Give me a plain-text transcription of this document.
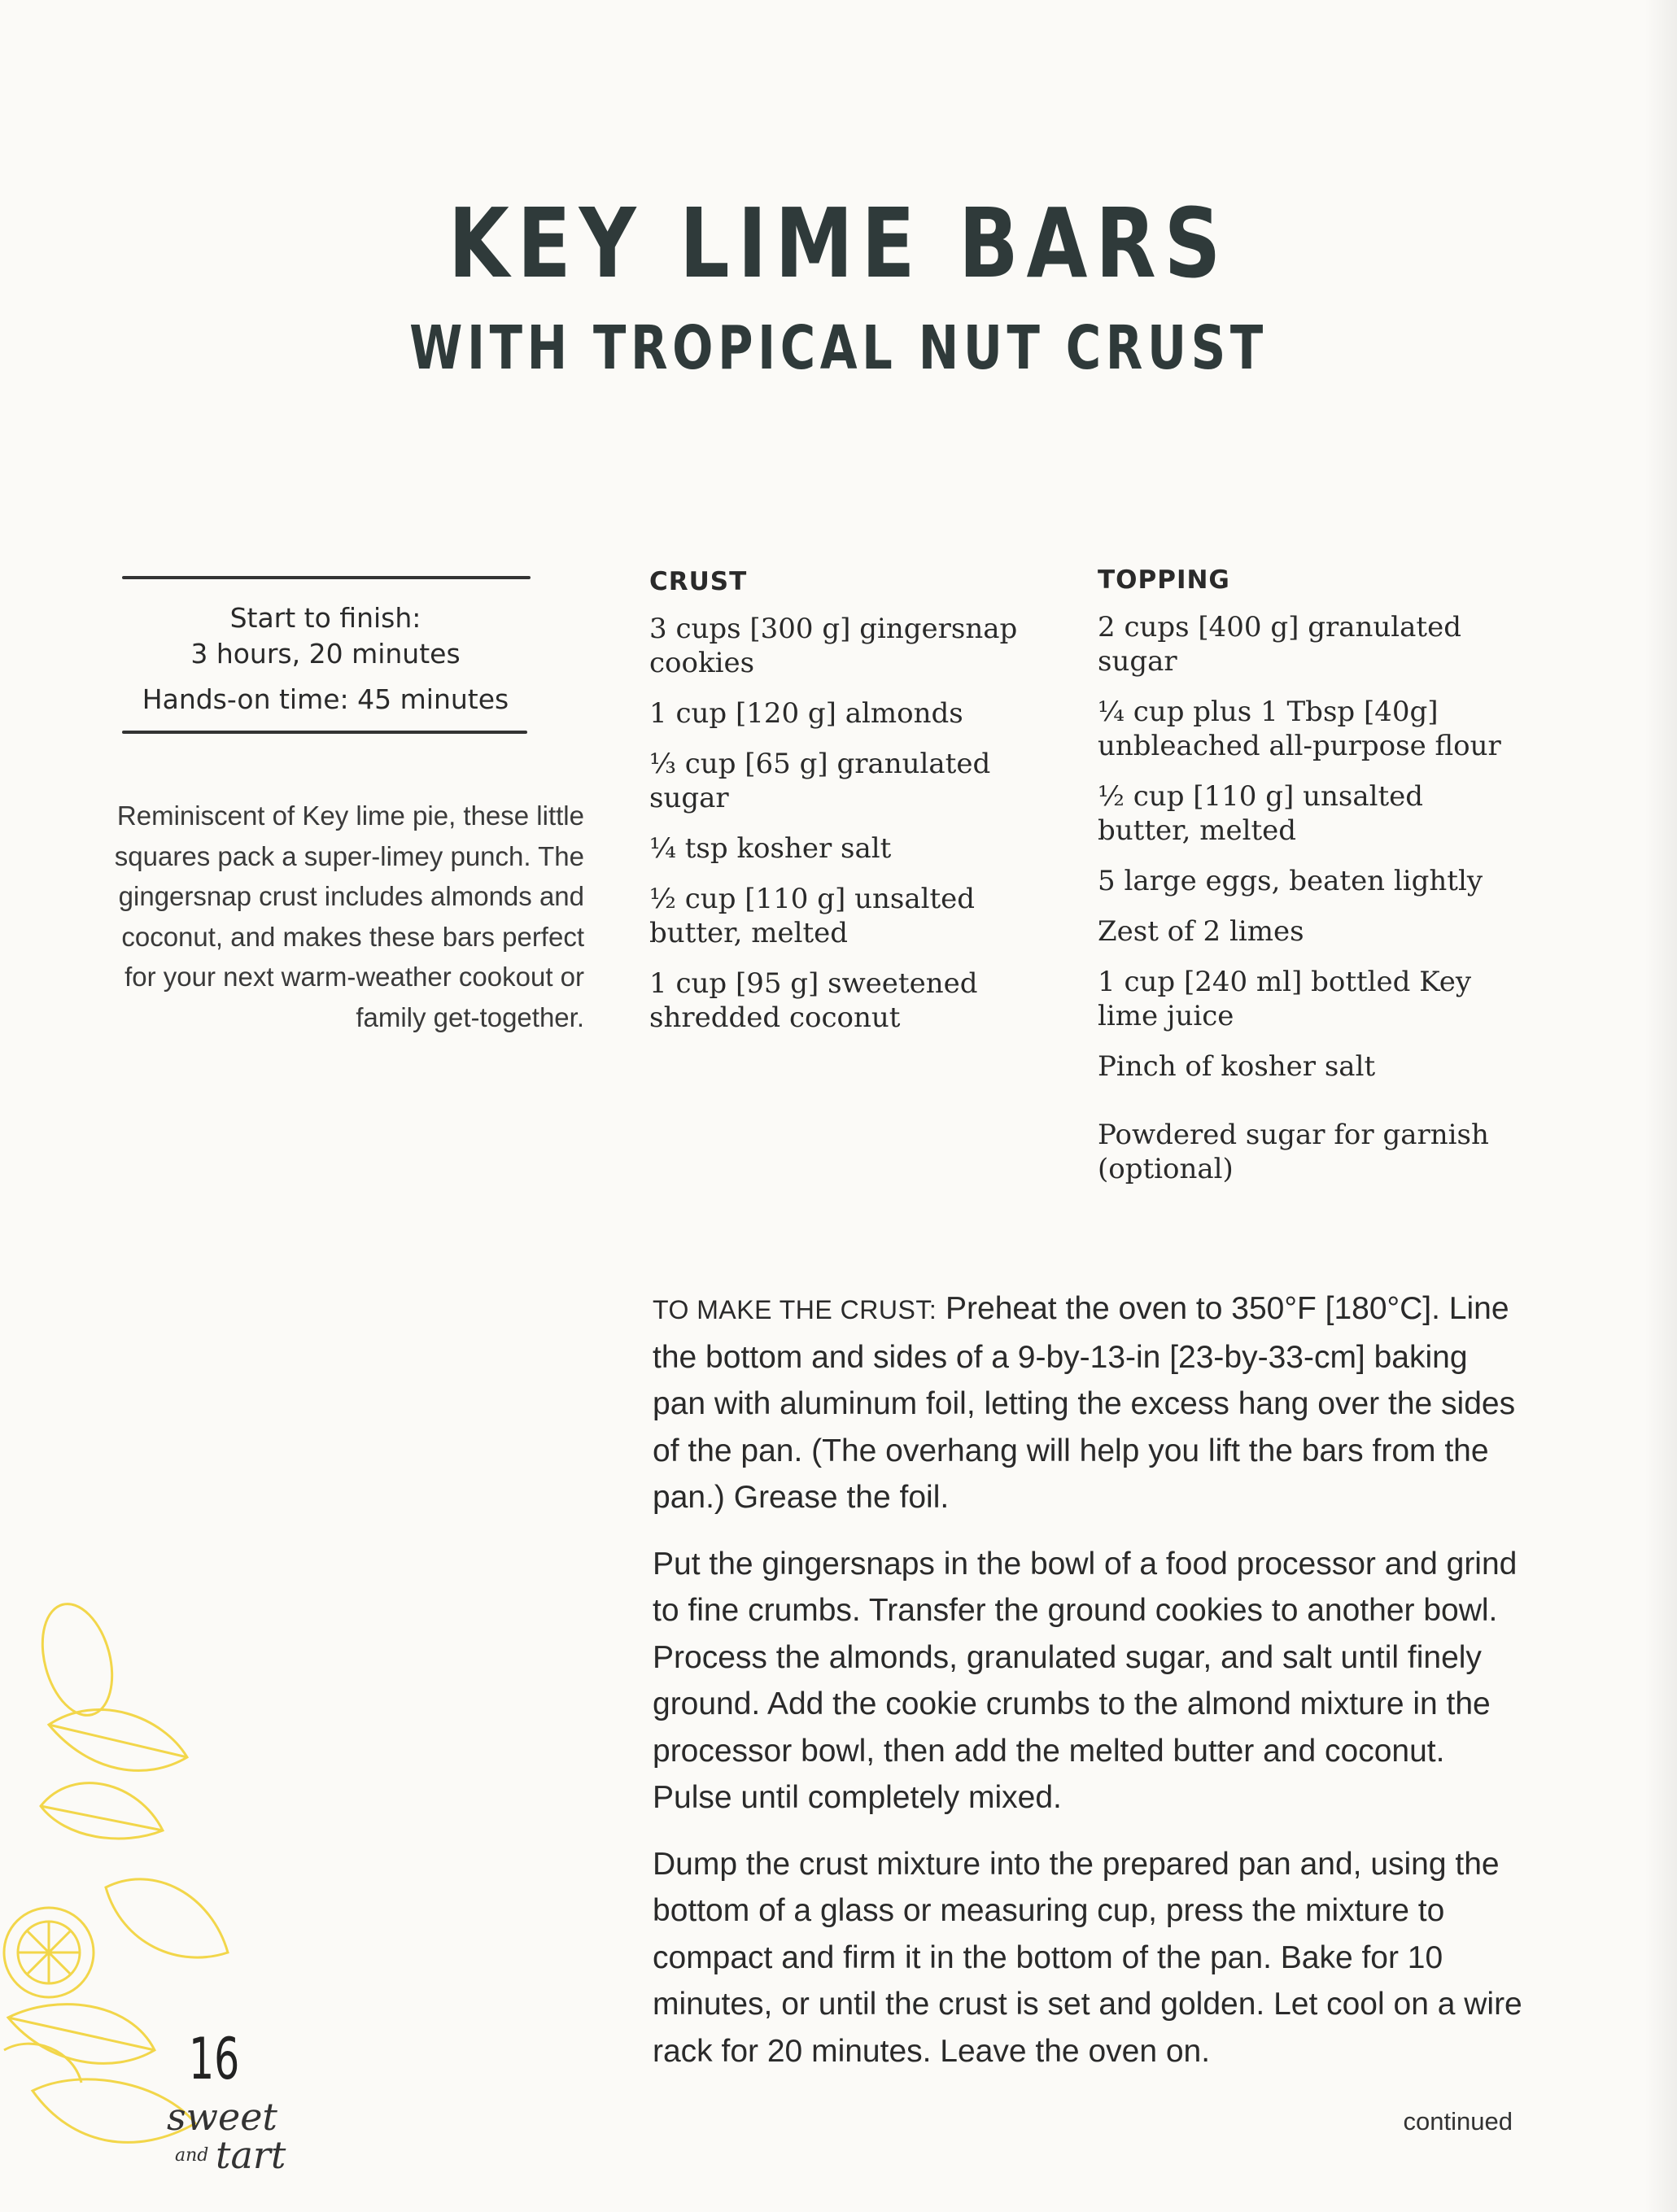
KEY LIME BARS
WITH TROPICAL NUT CRUST
Start to finish:
3 hours, 20 minutes
Hands-on time: 45 minutes
Reminiscent of Key lime pie, these little squares pack a super-limey punch. The gingersnap crust includes almonds and coconut, and makes these bars perfect for your next warm-weather cookout or family get-together.
CRUST
3 cups [300 g] gingersnap cookies
1 cup [120 g] almonds
⅓ cup [65 g] granulated sugar
¼ tsp kosher salt
½ cup [110 g] unsalted butter, melted
1 cup [95 g] sweetened shredded coconut
TOPPING
2 cups [400 g] granulated sugar
¼ cup plus 1 Tbsp [40g] unbleached all-purpose flour
½ cup [110 g] unsalted butter, melted
5 large eggs, beaten lightly
Zest of 2 limes
1 cup [240 ml] bottled Key lime juice
Pinch of kosher salt
Powdered sugar for garnish (optional)

TO MAKE THE CRUST: Preheat the oven to 350°F [180°C]. Line the bottom and sides of a 9-by-13-in [23-by-33-cm] baking pan with aluminum foil, letting the excess hang over the sides of the pan. (The overhang will help you lift the bars from the pan.) Grease the foil.

Put the gingersnaps in the bowl of a food processor and grind to fine crumbs. Transfer the ground cookies to another bowl. Process the almonds, granulated sugar, and salt until finely ground. Add the cookie crumbs to the almond mixture in the processor bowl, then add the melted butter and coconut. Pulse until completely mixed.

Dump the crust mixture into the prepared pan and, using the bottom of a glass or measuring cup, press the mixture to compact and firm it in the bottom of the pan. Bake for 10 minutes, or until the crust is set and golden. Let cool on a wire rack for 20 minutes. Leave the oven on.

16
sweet
and tart
continued
